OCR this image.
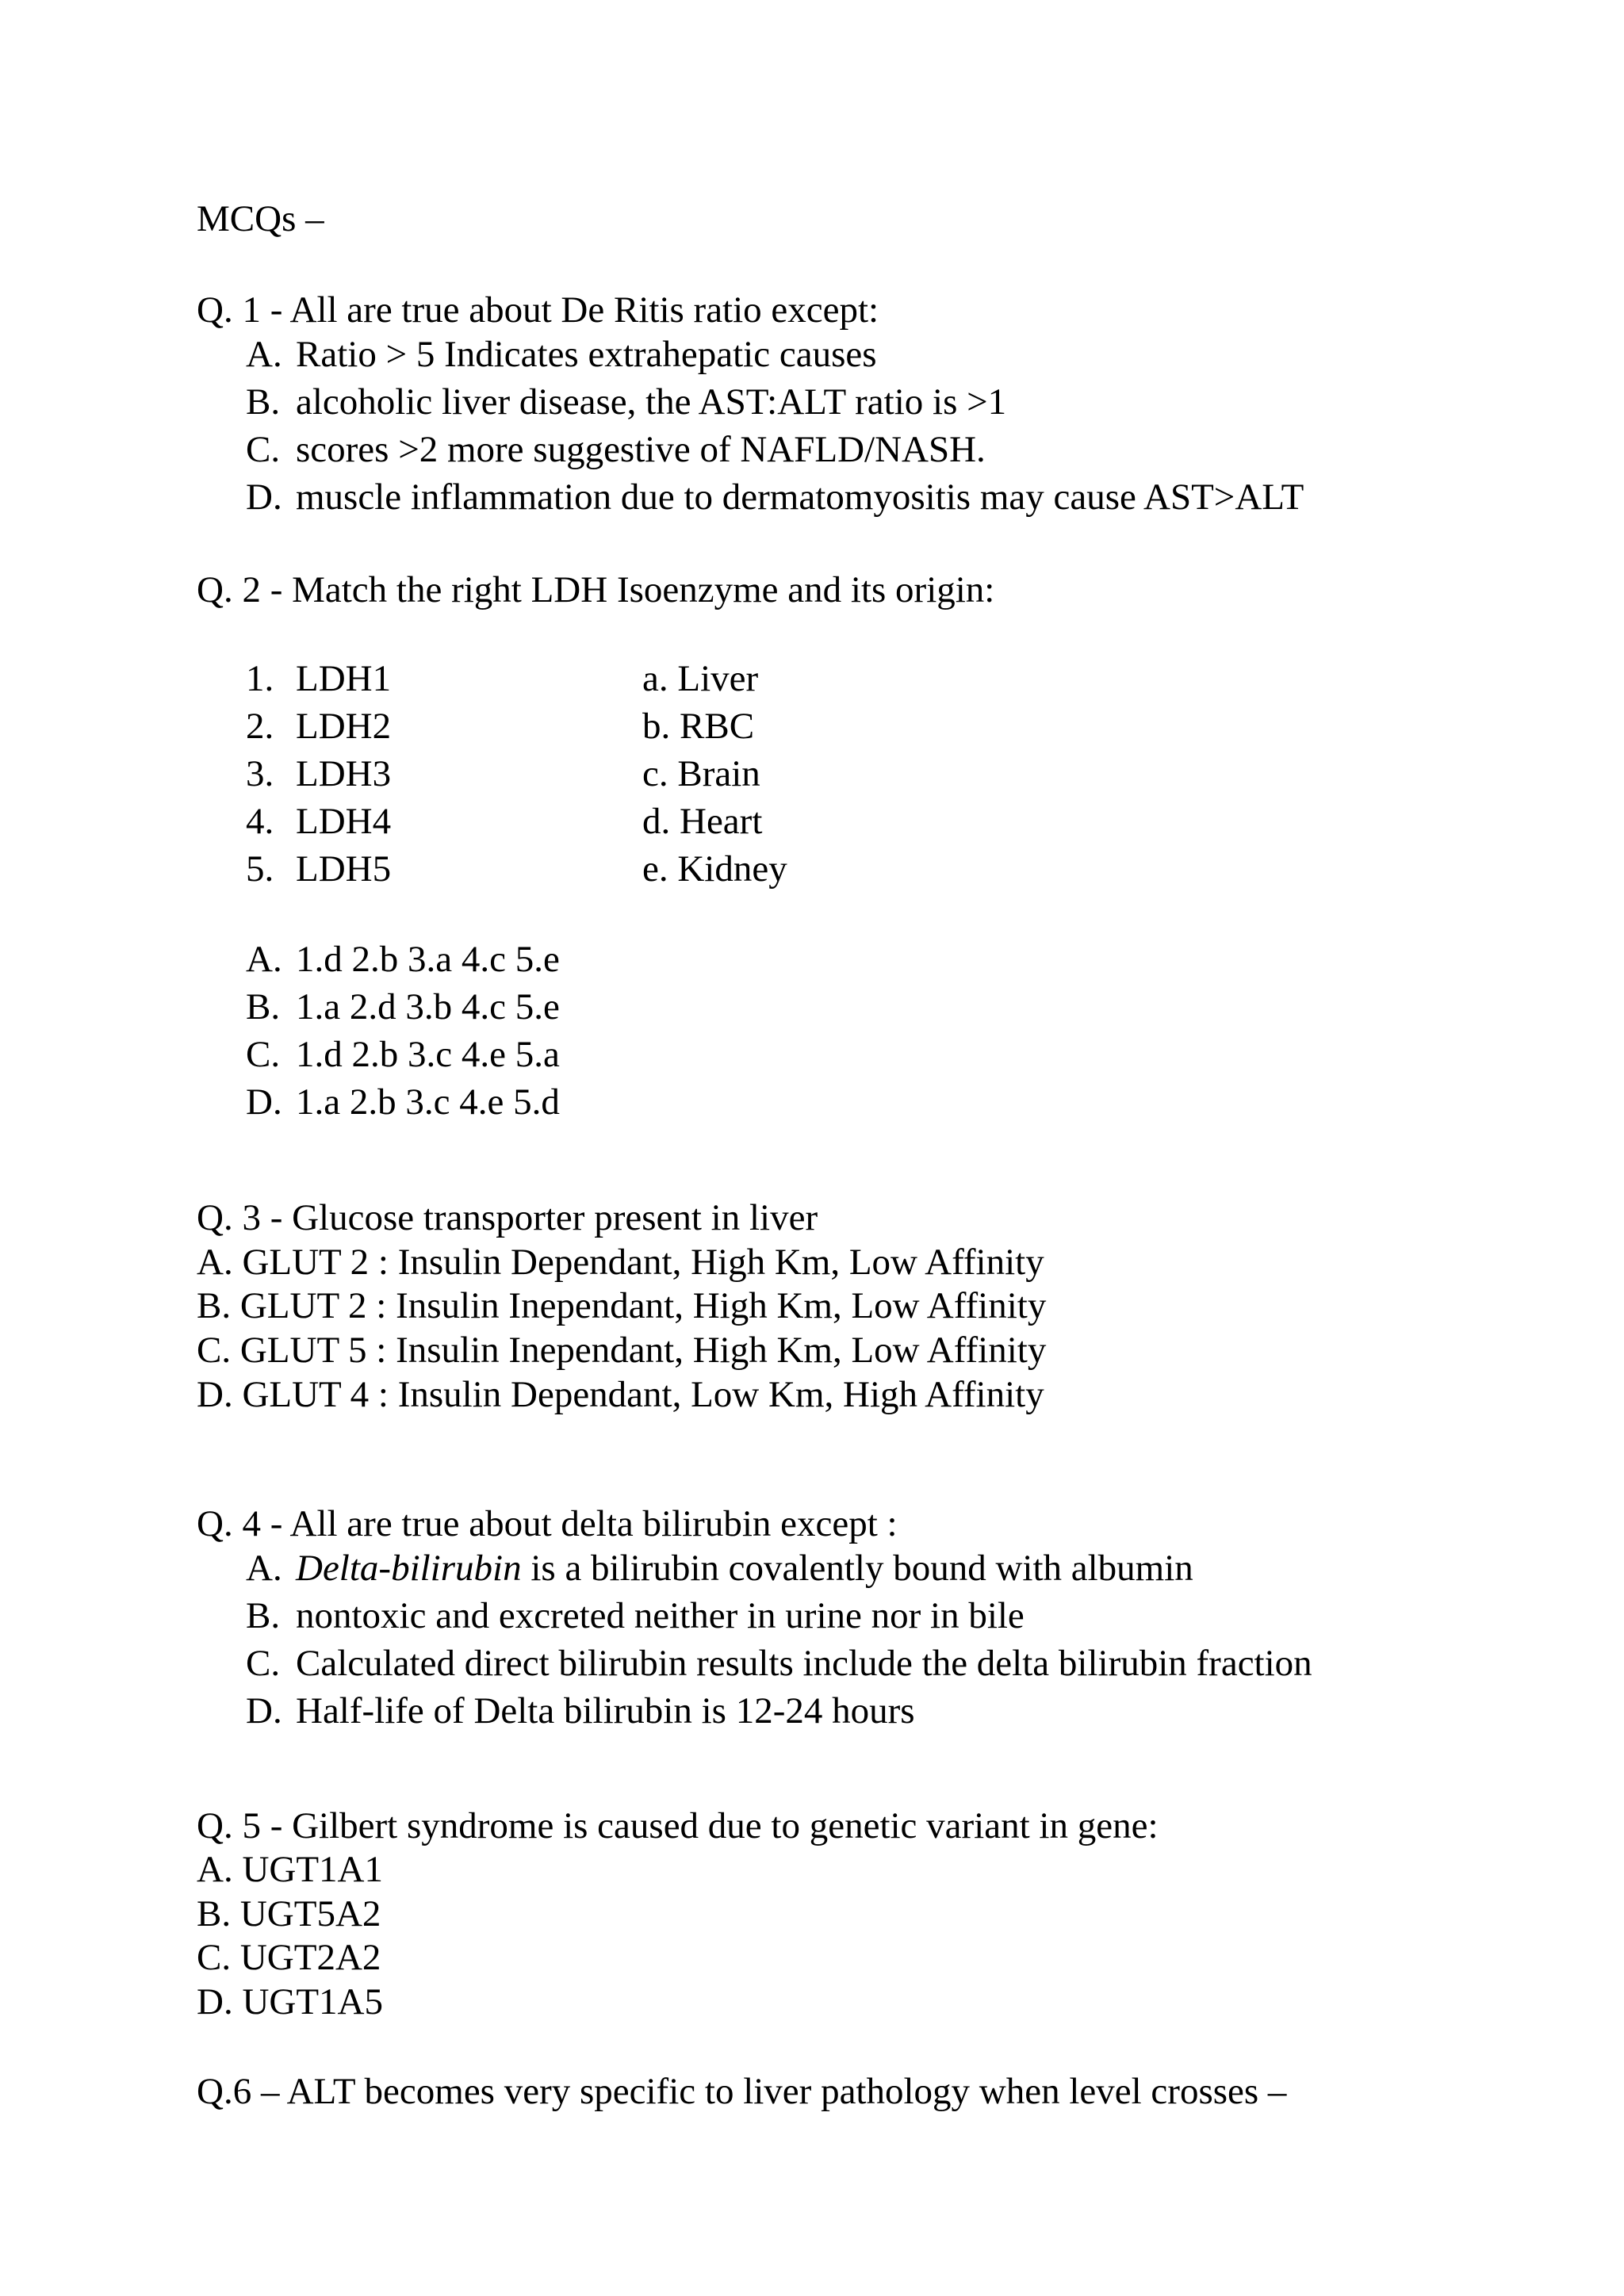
MCQs –
Q. 1 - All are true about De Ritis ratio except:
A. Ratio > 5 Indicates extrahepatic causes
B. alcoholic liver disease, the AST:ALT ratio is >1
C. scores >2 more suggestive of NAFLD/NASH.
D. muscle inflammation due to dermatomyositis may cause AST>ALT
Q. 2 - Match the right LDH Isoenzyme and its origin:
1. LDH1	a. Liver
2. LDH2	b. RBC
3. LDH3	c. Brain
4. LDH4	d. Heart
5. LDH5	e. Kidney
A. 1.d 2.b 3.a 4.c 5.e
B. 1.a 2.d 3.b 4.c 5.e
C. 1.d 2.b 3.c 4.e 5.a
D. 1.a 2.b 3.c 4.e 5.d
Q. 3 - Glucose transporter present in liver
A. GLUT 2 : Insulin Dependant, High Km, Low Affinity
B. GLUT 2 : Insulin Inependant, High Km, Low Affinity
C. GLUT 5 : Insulin Inependant, High Km, Low Affinity
D. GLUT 4 : Insulin Dependant, Low Km, High Affinity
Q. 4 - All are true about delta bilirubin except :
A. Delta-bilirubin is a bilirubin covalently bound with albumin
B. nontoxic and excreted neither in urine nor in bile
C. Calculated direct bilirubin results include the delta bilirubin fraction
D. Half-life of Delta bilirubin is 12-24 hours
Q. 5 - Gilbert syndrome is caused due to genetic variant in gene:
A. UGT1A1
B. UGT5A2
C. UGT2A2
D. UGT1A5
Q.6 – ALT becomes very specific to liver pathology when level crosses –
